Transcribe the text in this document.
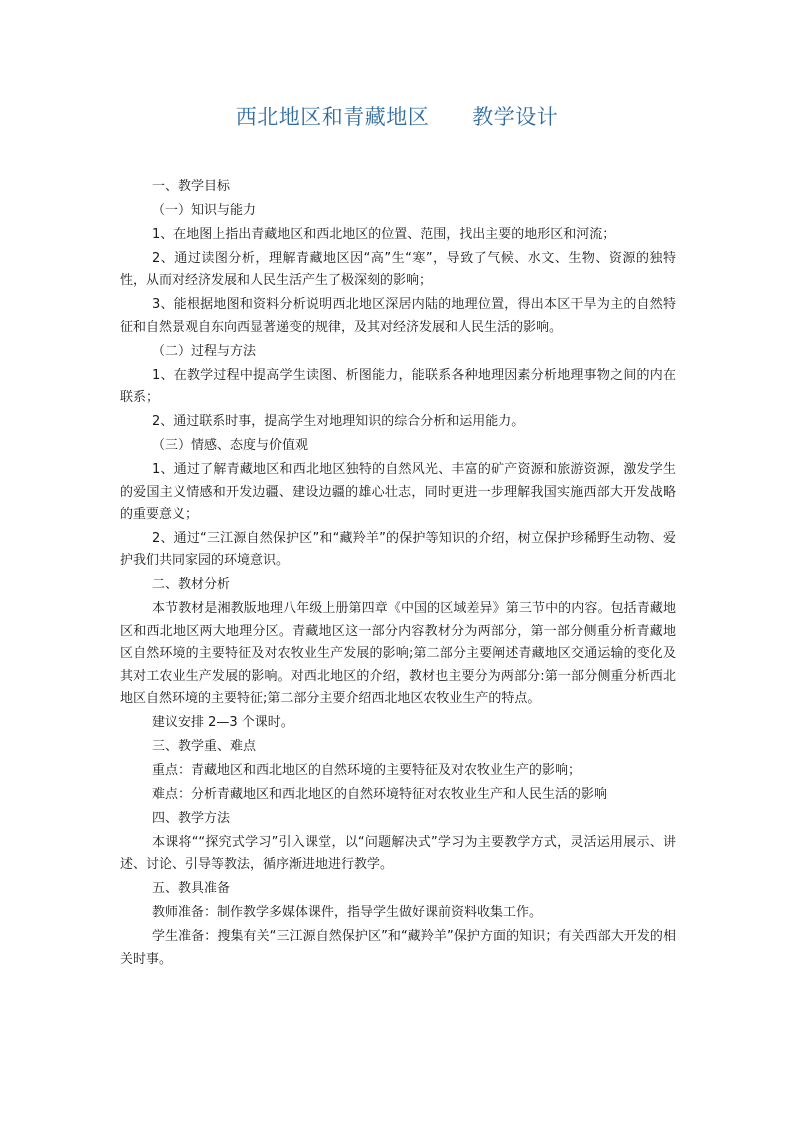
西北地区和青藏地区      教学设计

一、教学目标

（一）知识与能力

1、在地图上指出青藏地区和西北地区的位置、范围，找出主要的地形区和河流；

2、通过读图分析，理解青藏地区因“高”生“寒”，导致了气候、水文、生物、资源的独特性，从而对经济发展和人民生活产生了极深刻的影响；

3、能根据地图和资料分析说明西北地区深居内陆的地理位置，得出本区干旱为主的自然特征和自然景观自东向西显著递变的规律，及其对经济发展和人民生活的影响。

（二）过程与方法

1、在教学过程中提高学生读图、析图能力，能联系各种地理因素分析地理事物之间的内在联系；

2、通过联系时事，提高学生对地理知识的综合分析和运用能力。

（三）情感、态度与价值观

1、通过了解青藏地区和西北地区独特的自然风光、丰富的矿产资源和旅游资源，激发学生的爱国主义情感和开发边疆、建设边疆的雄心壮志，同时更进一步理解我国实施西部大开发战略的重要意义；

2、通过“三江源自然保护区”和“藏羚羊”的保护等知识的介绍，树立保护珍稀野生动物、爱护我们共同家园的环境意识。

二、教材分析

本节教材是湘教版地理八年级上册第四章《中国的区域差异》第三节中的内容。包括青藏地区和西北地区两大地理分区。青藏地区这一部分内容教材分为两部分，第一部分侧重分析青藏地区自然环境的主要特征及对农牧业生产发展的影响;第二部分主要阐述青藏地区交通运输的变化及其对工农业生产发展的影响。对西北地区的介绍，教材也主要分为两部分:第一部分侧重分析西北地区自然环境的主要特征;第二部分主要介绍西北地区农牧业生产的特点。

建议安排 2—3 个课时。

三、教学重、难点

重点：青藏地区和西北地区的自然环境的主要特征及对农牧业生产的影响；

难点：分析青藏地区和西北地区的自然环境特征对农牧业生产和人民生活的影响

四、教学方法

本课将““探究式学习”引入课堂，以“问题解决式”学习为主要教学方式，灵活运用展示、讲述、讨论、引导等教法，循序渐进地进行教学。

五、教具准备

教师准备：制作教学多媒体课件，指导学生做好课前资料收集工作。

学生准备：搜集有关“三江源自然保护区”和“藏羚羊”保护方面的知识；有关西部大开发的相关时事。
